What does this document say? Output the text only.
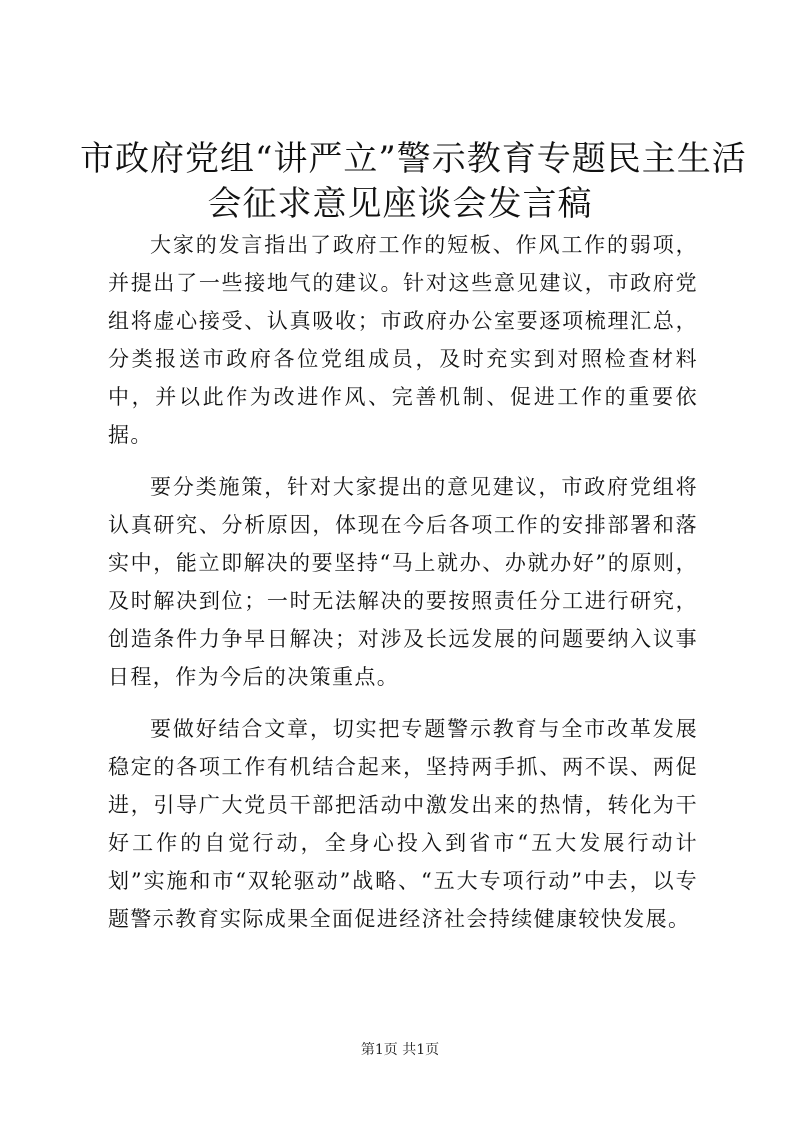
市政府党组“讲严立”警示教育专题民主生活
会征求意见座谈会发言稿

大家的发言指出了政府工作的短板、作风工作的弱项，并提出了一些接地气的建议。针对这些意见建议，市政府党组将虚心接受、认真吸收；市政府办公室要逐项梳理汇总，分类报送市政府各位党组成员，及时充实到对照检查材料中，并以此作为改进作风、完善机制、促进工作的重要依据。

要分类施策，针对大家提出的意见建议，市政府党组将认真研究、分析原因，体现在今后各项工作的安排部署和落实中，能立即解决的要坚持“马上就办、办就办好”的原则，及时解决到位；一时无法解决的要按照责任分工进行研究，创造条件力争早日解决；对涉及长远发展的问题要纳入议事日程，作为今后的决策重点。

要做好结合文章，切实把专题警示教育与全市改革发展稳定的各项工作有机结合起来，坚持两手抓、两不误、两促进，引导广大党员干部把活动中激发出来的热情，转化为干好工作的自觉行动，全身心投入到省市“五大发展行动计划”实施和市“双轮驱动”战略、“五大专项行动”中去，以专题警示教育实际成果全面促进经济社会持续健康较快发展。

第1页 共1页
